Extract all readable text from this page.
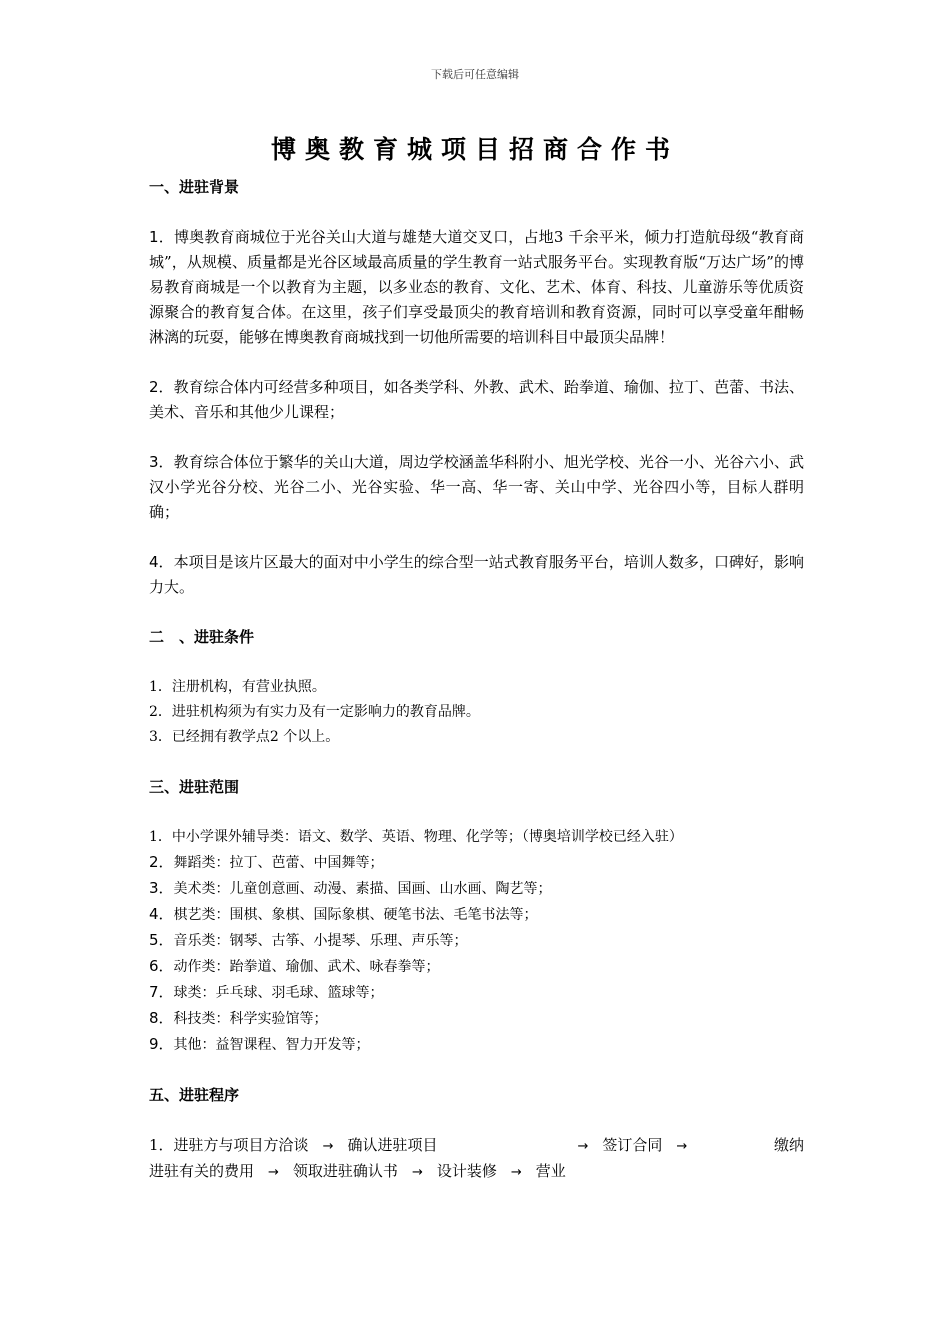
下载后可任意编辑
博奥教育城项目招商合作书

一、进驻背景

1．博奥教育商城位于光谷关山大道与雄楚大道交叉口，占地3 千余平米，倾力打造航母级“教育商城”，从规模、质量都是光谷区域最高质量的学生教育一站式服务平台。实现教育版“万达广场”的博易教育商城是一个以教育为主题，以多业态的教育、文化、艺术、体育、科技、儿童游乐等优质资源聚合的教育复合体。在这里，孩子们享受最顶尖的教育培训和教育资源，同时可以享受童年酣畅淋漓的玩耍，能够在博奥教育商城找到一切他所需要的培训科目中最顶尖品牌！

2．教育综合体内可经营多种项目，如各类学科、外教、武术、跆拳道、瑜伽、拉丁、芭蕾、书法、美术、音乐和其他少儿课程；

3．教育综合体位于繁华的关山大道，周边学校涵盖华科附小、旭光学校、光谷一小、光谷六小、武汉小学光谷分校、光谷二小、光谷实验、华一高、华一寄、关山中学、光谷四小等，目标人群明确；

4．本项目是该片区最大的面对中小学生的综合型一站式教育服务平台，培训人数多，口碑好，影响力大。

二　、进驻条件

1．注册机构，有营业执照。

2．进驻机构须为有实力及有一定影响力的教育品牌。

3．已经拥有教学点2 个以上。

三、进驻范围

1．中小学课外辅导类：语文、数学、英语、物理、化学等；（博奥培训学校已经入驻）

2．舞蹈类：拉丁、芭蕾、中国舞等；

3．美术类：儿童创意画、动漫、素描、国画、山水画、陶艺等；

4．棋艺类：围棋、象棋、国际象棋、硬笔书法、毛笔书法等；

5．音乐类：钢琴、古筝、小提琴、乐理、声乐等；

6．动作类：跆拳道、瑜伽、武术、咏春拳等；

7．球类：乒乓球、羽毛球、篮球等；

8．科技类：科学实验馆等；

9．其他：益智课程、智力开发等；

五、进驻程序

1．进驻方与项目方洽谈 → 确认进驻项目	→ 签订合同 →	缴纳

进驻有关的费用 → 领取进驻确认书 → 设计装修 → 营业
